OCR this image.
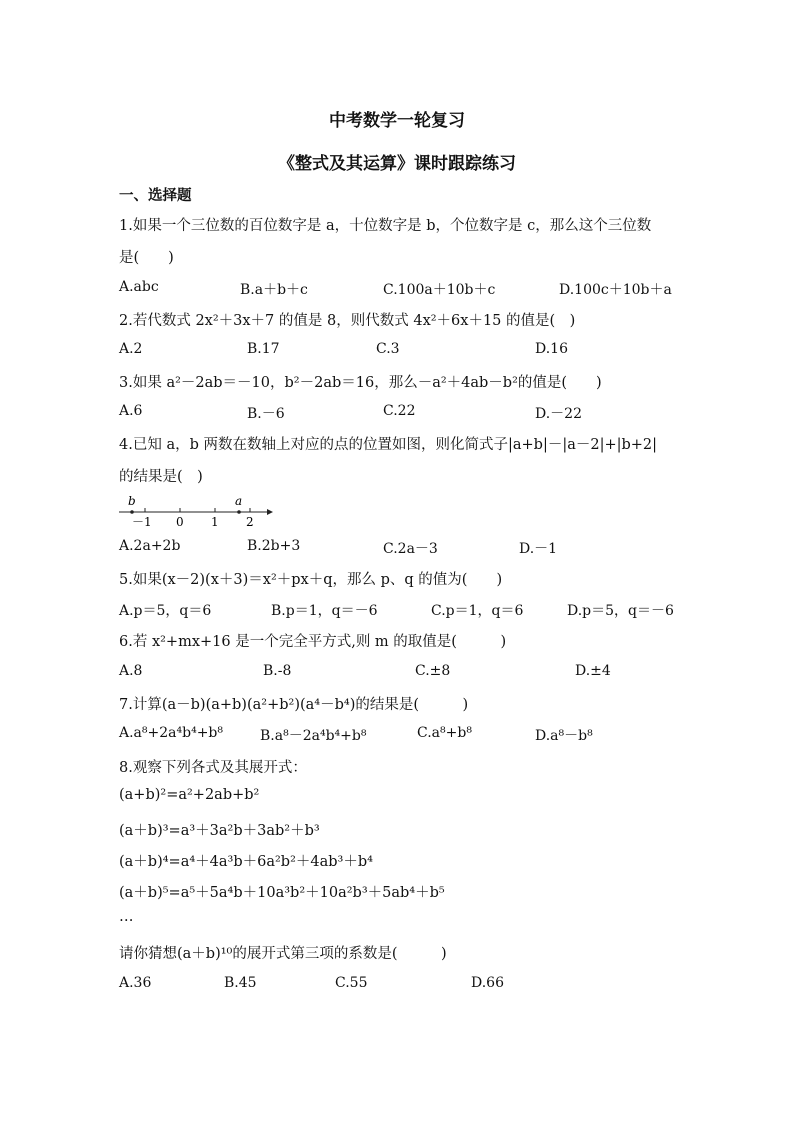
中考数学一轮复习
《整式及其运算》课时跟踪练习
一、选择题
1.如果一个三位数的百位数字是 a，十位数字是 b，个位数字是 c，那么这个三位数
是(　　)
A.abc	B.a＋b＋c	C.100a＋10b＋c	D.100c＋10b＋a
2.若代数式 2x²＋3x＋7 的值是 8，则代数式 4x²＋6x＋15 的值是(　)
A.2	B.17	C.3	D.16
3.如果 a²－2ab＝－10，b²－2ab＝16，那么－a²＋4ab－b²的值是(　　)
A.6	B.－6	C.22	D.－22
4.已知 a，b 两数在数轴上对应的点的位置如图，则化简式子|a+b|－|a－2|+|b+2|
的结果是(　)
b	a
－1 0 1 2
A.2a+2b	B.2b+3	C.2a－3	D.－1
5.如果(x－2)(x＋3)＝x²＋px＋q，那么 p、q 的值为(　　)
A.p＝5，q＝6	B.p＝1，q＝－6	C.p＝1，q＝6	D.p＝5，q＝－6
6.若 x²+mx+16 是一个完全平方式,则 m 的取值是(　　　)
A.8	B.-8	C.±8	D.±4
7.计算(a－b)(a+b)(a²+b²)(a⁴－b⁴)的结果是(　　　)
A.a⁸+2a⁴b⁴+b⁸	B.a⁸－2a⁴b⁴+b⁸	C.a⁸+b⁸	D.a⁸－b⁸
8.观察下列各式及其展开式：
(a+b)²=a²+2ab+b²
(a＋b)³=a³＋3a²b＋3ab²＋b³
(a＋b)⁴=a⁴＋4a³b＋6a²b²＋4ab³＋b⁴
(a＋b)⁵=a⁵＋5a⁴b＋10a³b²＋10a²b³＋5ab⁴＋b⁵
…
请你猜想(a＋b)¹⁰的展开式第三项的系数是(　　　)
A.36	B.45	C.55	D.66
